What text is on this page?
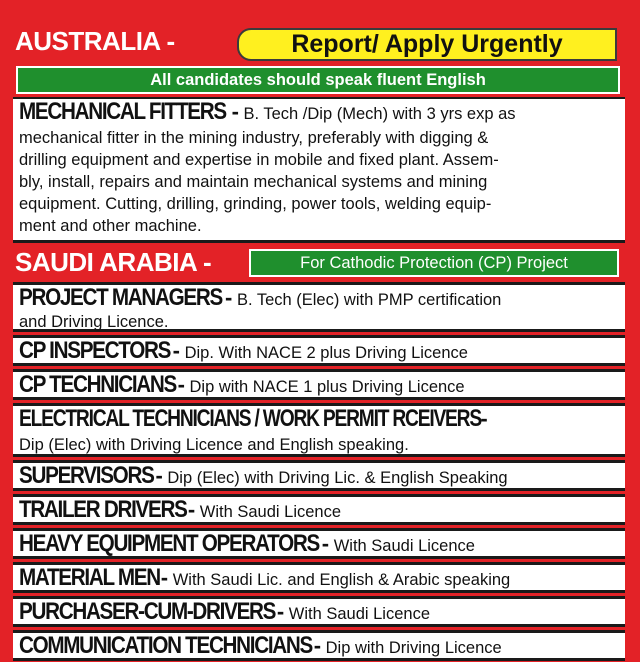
AUSTRALIA -	Report/ Apply Urgently
All candidates should speak fluent English
MECHANICAL FITTERS - B. Tech /Dip (Mech) with 3 yrs exp as
mechanical fitter in the mining industry, preferably with digging &
drilling equipment and expertise in mobile and fixed plant. Assem-
bly, install, repairs and maintain mechanical systems and mining
equipment. Cutting, drilling, grinding, power tools, welding equip-
ment and other machine.
SAUDI ARABIA -	For Cathodic Protection (CP) Project
PROJECT MANAGERS - B. Tech (Elec) with PMP certification
and Driving Licence.
CP INSPECTORS - Dip. With NACE 2 plus Driving Licence
CP TECHNICIANS- Dip with NACE 1 plus Driving Licence
ELECTRICAL TECHNICIANS / WORK PERMIT RCEIVERS-
Dip (Elec) with Driving Licence and English speaking.
SUPERVISORS- Dip (Elec) with Driving Lic. & English Speaking
TRAILER DRIVERS- With Saudi Licence
HEAVY EQUIPMENT OPERATORS - With Saudi Licence
MATERIAL MEN- With Saudi Lic. and English & Arabic speaking
PURCHASER-CUM-DRIVERS- With Saudi Licence
COMMUNICATION TECHNICIANS- Dip with Driving Licence
